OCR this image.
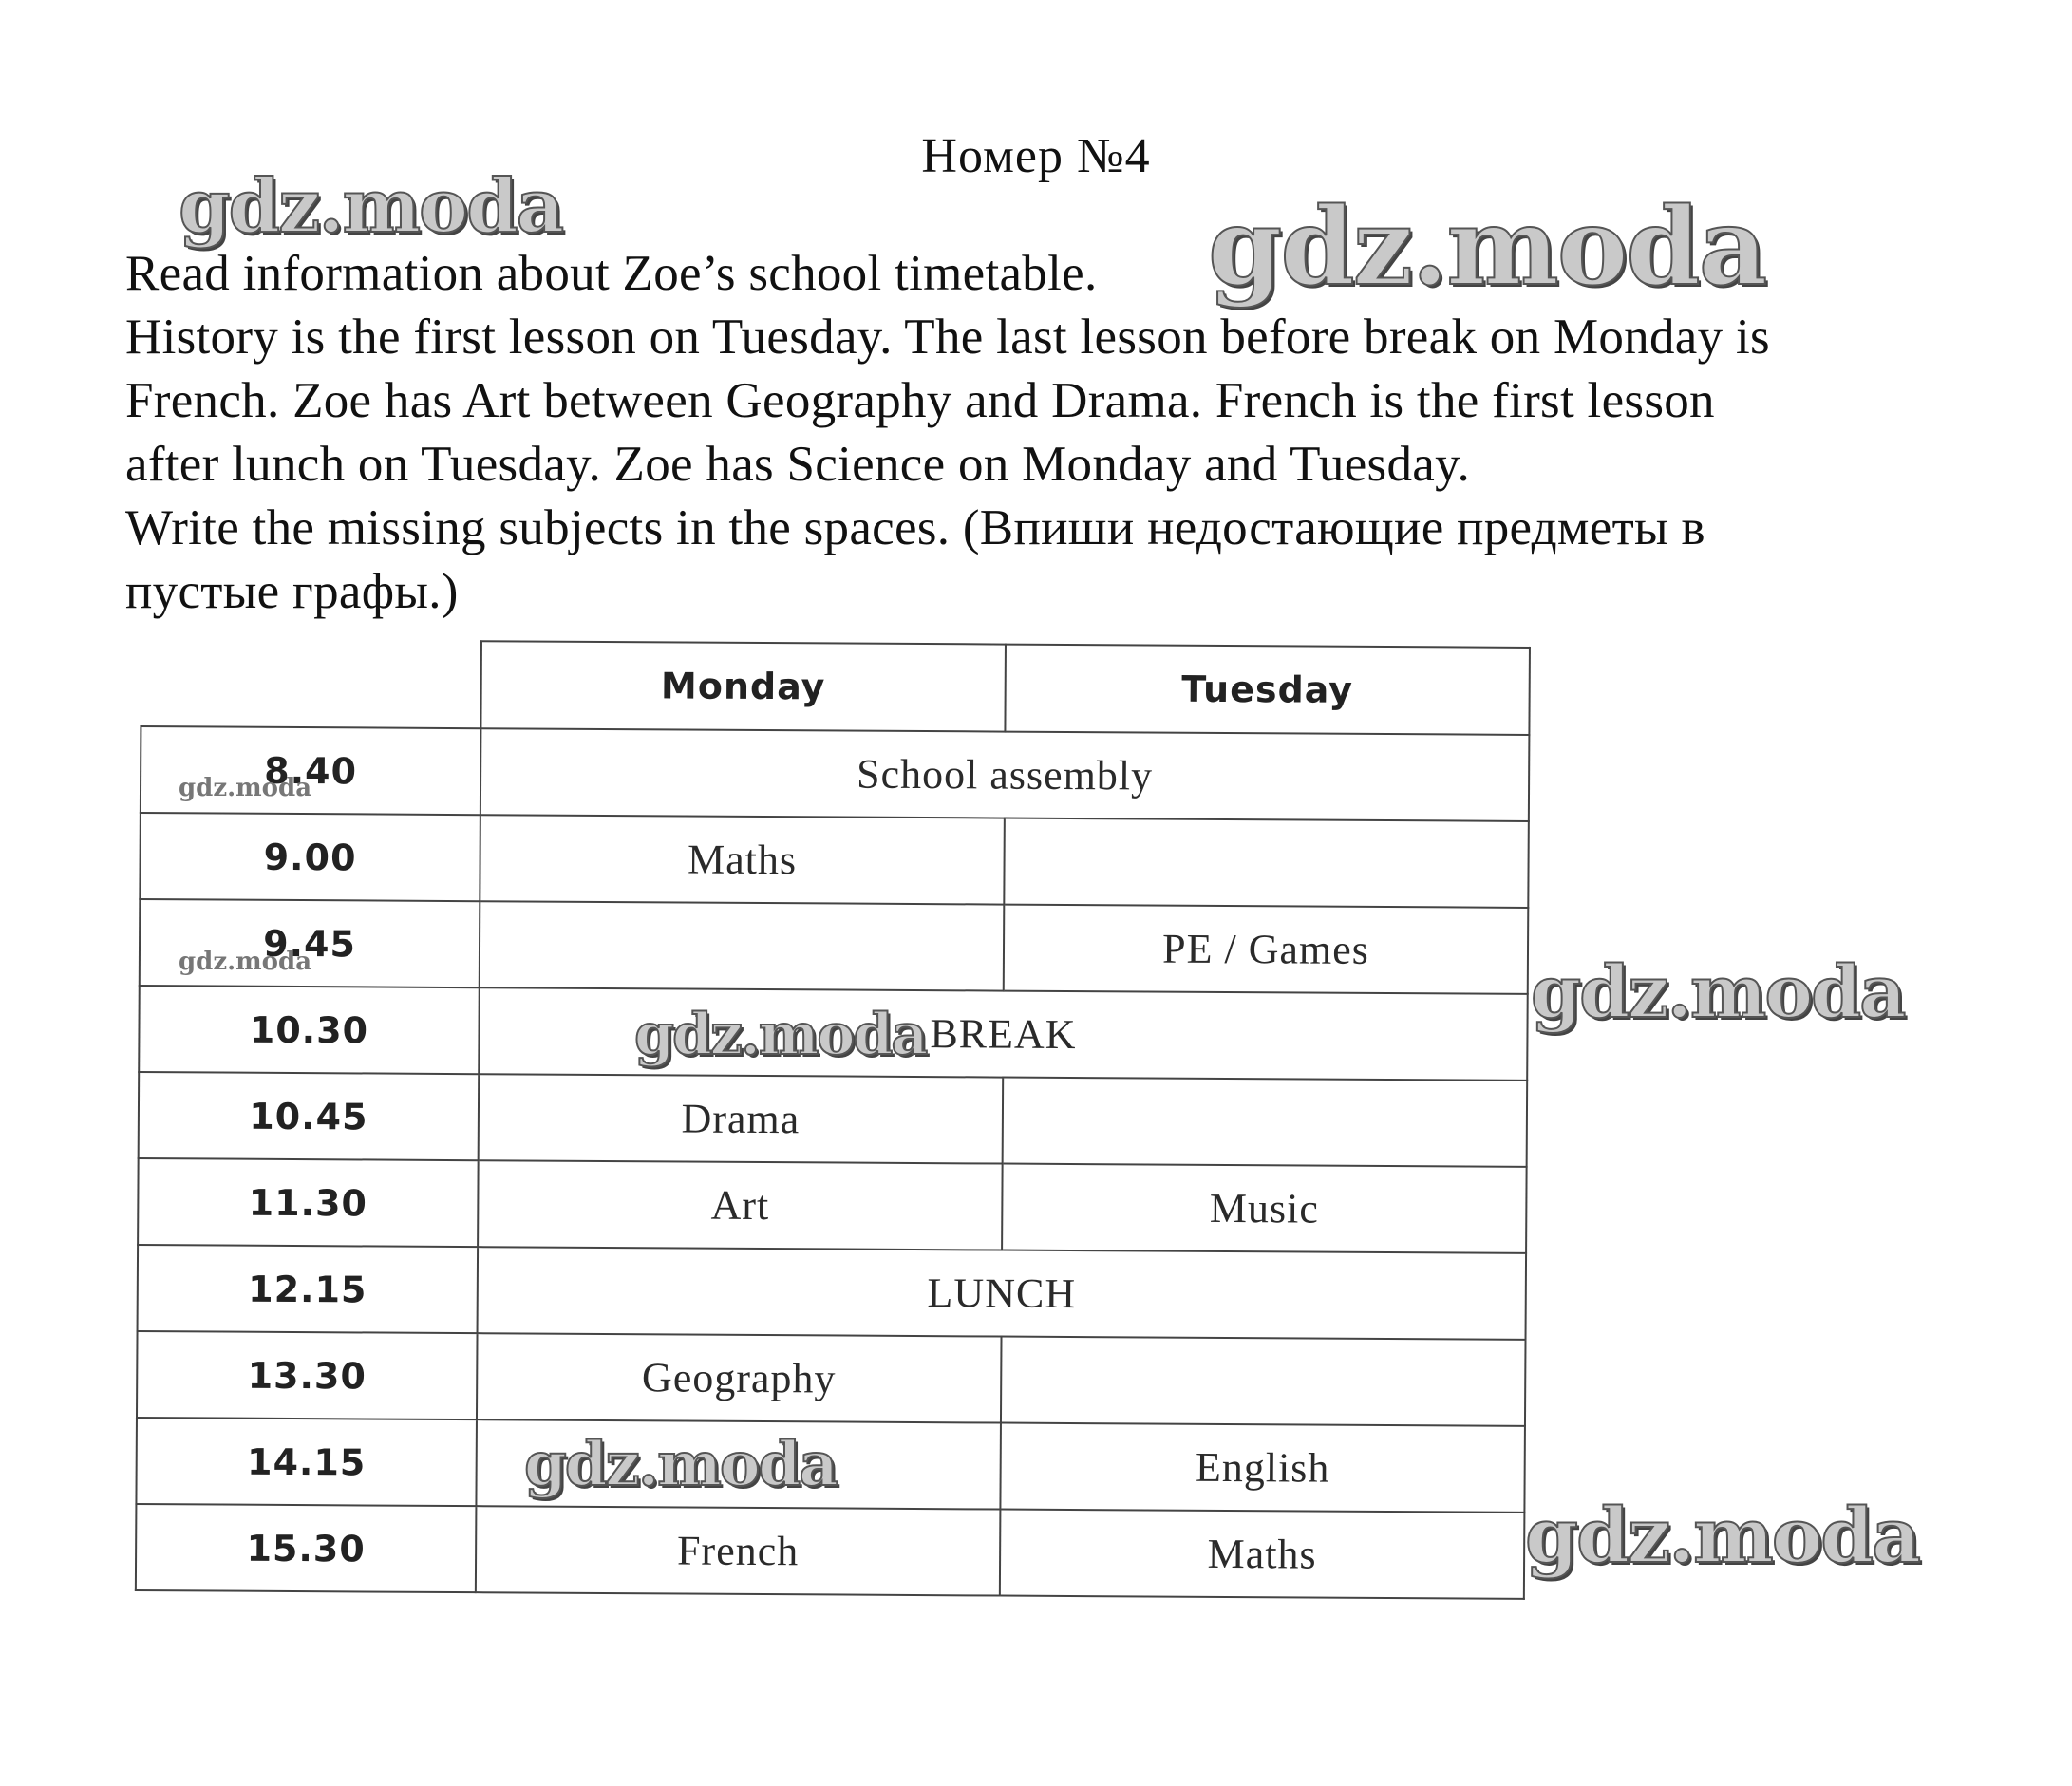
Номер №4

Read information about Zoe’s school timetable.

History is the first lesson on Tuesday. The last lesson before break on Monday is

French. Zoe has Art between Geography and Drama. French is the first lesson

after lunch on Tuesday. Zoe has Science on Monday and Tuesday.

Write the missing subjects in the spaces. (Впиши недостающие предметы в

пустые графы.)

	Monday	Tuesday
8.40	School assembly	
9.00	Maths	
9.45		PE / Games
10.30	BREAK	
10.45	Drama	
11.30	Art	Music
12.15	LUNCH	
13.30	Geography	
14.15		English
15.30	French	Maths
gdz.moda	gdz.moda
gdz.moda
gdz.moda
gdz.moda
gdz.moda
gdz.moda
gdz.moda
